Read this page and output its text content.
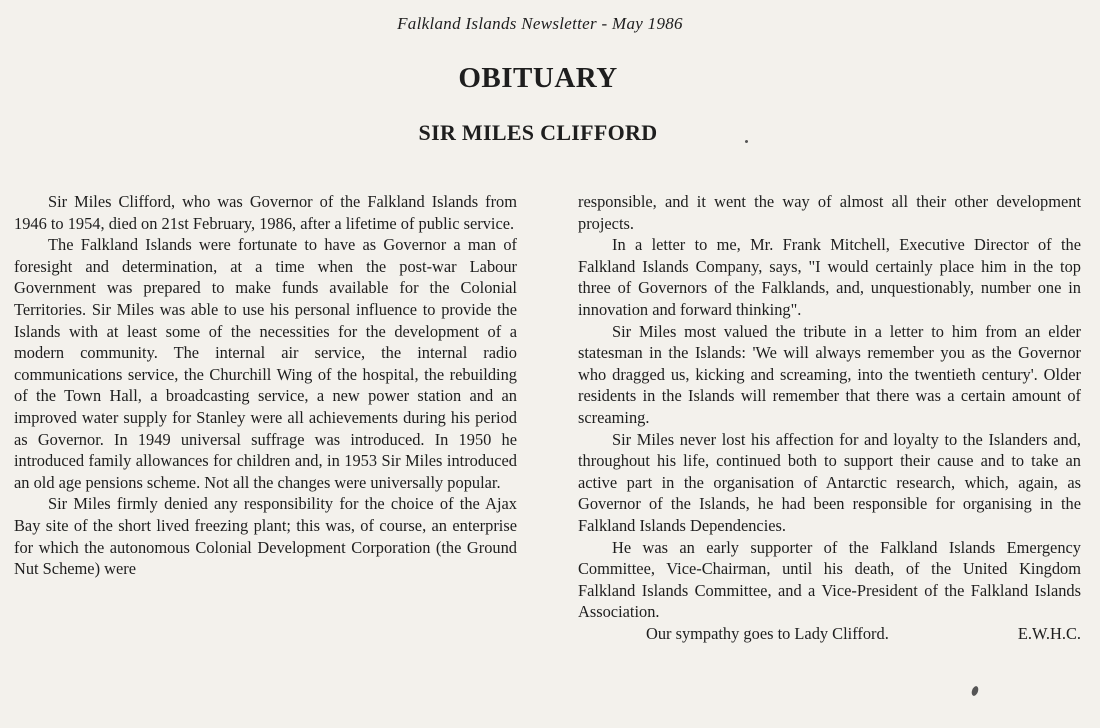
Falkland Islands Newsletter - May 1986
OBITUARY
SIR MILES CLIFFORD

Sir Miles Clifford, who was Governor of the Falkland Islands from 1946 to 1954, died on 21st February, 1986, after a lifetime of public service.

The Falkland Islands were fortunate to have as Governor a man of foresight and determination, at a time when the post-war Labour Government was prepared to make funds available for the Colonial Territories. Sir Miles was able to use his personal influence to provide the Islands with at least some of the necessities for the development of a modern community. The internal air service, the internal radio communications service, the Churchill Wing of the hospital, the rebuilding of the Town Hall, a broadcasting service, a new power station and an improved water supply for Stanley were all achievements during his period as Governor. In 1949 universal suffrage was introduced. In 1950 he introduced family allowances for children and, in 1953 Sir Miles introduced an old age pensions scheme. Not all the changes were universally popular.

Sir Miles firmly denied any responsibility for the choice of the Ajax Bay site of the short lived freezing plant; this was, of course, an enterprise for which the autonomous Colonial Development Corporation (the Ground Nut Scheme) were

responsible, and it went the way of almost all their other development projects.

In a letter to me, Mr. Frank Mitchell, Executive Director of the Falkland Islands Company, says, "I would certainly place him in the top three of Governors of the Falklands, and, unquestionably, number one in innovation and forward thinking".

Sir Miles most valued the tribute in a letter to him from an elder statesman in the Islands: 'We will always remember you as the Governor who dragged us, kicking and screaming, into the twentieth century'. Older residents in the Islands will remember that there was a certain amount of screaming.

Sir Miles never lost his affection for and loyalty to the Islanders and, throughout his life, continued both to support their cause and to take an active part in the organisation of Antarctic research, which, again, as Governor of the Islands, he had been responsible for organising in the Falkland Islands Dependencies.

He was an early supporter of the Falkland Islands Emergency Committee, Vice-Chairman, until his death, of the United Kingdom Falkland Islands Committee, and a Vice-President of the Falkland Islands Association.

Our sympathy goes to Lady Clifford.	E.W.H.C.
